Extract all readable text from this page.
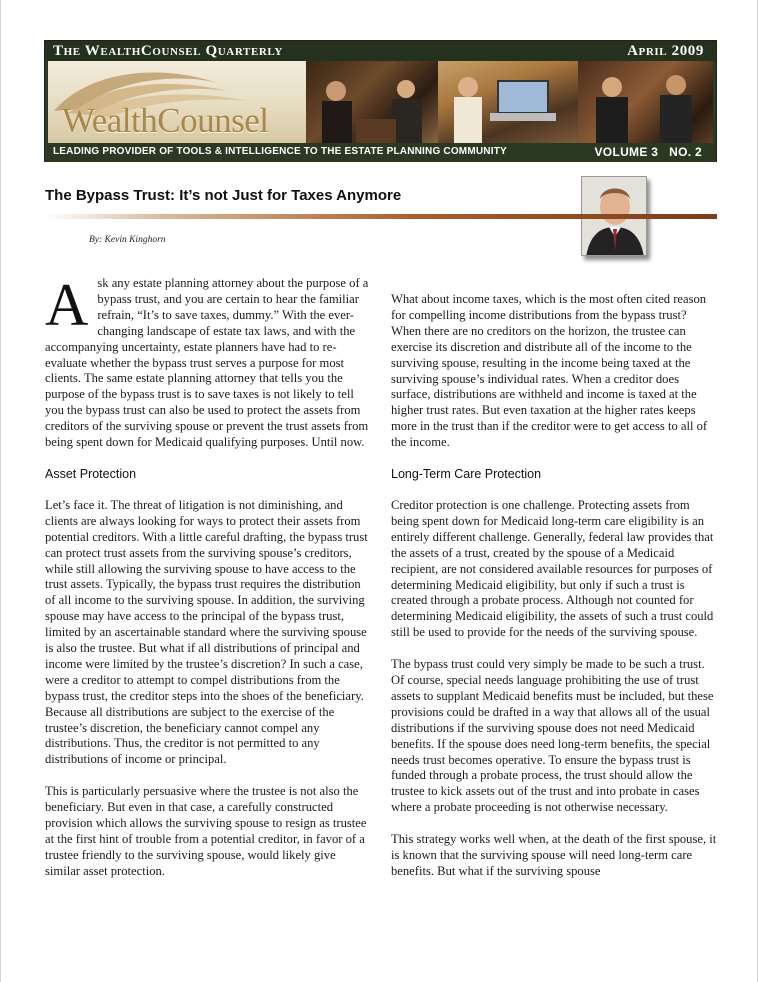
The WealthCounsel Quarterly	April 2009
WealthCounsel
LEADING PROVIDER OF TOOLS & INTELLIGENCE TO THE ESTATE PLANNING COMMUNITY	VOLUME 3   NO. 2
The Bypass Trust: It’s not Just for Taxes Anymore
By: Kevin Kinghorn

Ask any estate planning attorney about the purpose of a bypass trust, and you are certain to hear the familiar refrain, “It’s to save taxes, dummy.” With the ever-changing landscape of estate tax laws, and with the accompanying uncertainty, estate planners have had to re-evaluate whether the bypass trust serves a purpose for most clients. The same estate planning attorney that tells you the purpose of the bypass trust is to save taxes is not likely to tell you the bypass trust can also be used to protect the assets from creditors of the surviving spouse or prevent the trust assets from being spent down for Medicaid qualifying purposes. Until now.

Asset Protection

Let’s face it. The threat of litigation is not diminishing, and clients are always looking for ways to protect their assets from potential creditors. With a little careful drafting, the bypass trust can protect trust assets from the surviving spouse’s creditors, while still allowing the surviving spouse to have access to the trust assets. Typically, the bypass trust requires the distribution of all income to the surviving spouse. In addition, the surviving spouse may have access to the principal of the bypass trust, limited by an ascertainable standard where the surviving spouse is also the trustee. But what if all distributions of principal and income were limited by the trustee’s discretion? In such a case, were a creditor to attempt to compel distributions from the bypass trust, the creditor steps into the shoes of the beneficiary. Because all distributions are subject to the exercise of the trustee’s discretion, the beneficiary cannot compel any distributions. Thus, the creditor is not permitted to any distributions of income or principal.

This is particularly persuasive where the trustee is not also the beneficiary. But even in that case, a carefully constructed provision which allows the surviving spouse to resign as trustee at the first hint of trouble from a potential creditor, in favor of a trustee friendly to the surviving spouse, would likely give similar asset protection.

What about income taxes, which is the most often cited reason for compelling income distributions from the bypass trust? When there are no creditors on the horizon, the trustee can exercise its discretion and distribute all of the income to the surviving spouse, resulting in the income being taxed at the surviving spouse’s individual rates. When a creditor does surface, distributions are withheld and income is taxed at the higher trust rates. But even taxation at the higher rates keeps more in the trust than if the creditor were to get access to all of the income.

Long-Term Care Protection

Creditor protection is one challenge. Protecting assets from being spent down for Medicaid long-term care eligibility is an entirely different challenge. Generally, federal law provides that the assets of a trust, created by the spouse of a Medicaid recipient, are not considered available resources for purposes of determining Medicaid eligibility, but only if such a trust is created through a probate process. Although not counted for determining Medicaid eligibility, the assets of such a trust could still be used to provide for the needs of the surviving spouse.

The bypass trust could very simply be made to be such a trust. Of course, special needs language prohibiting the use of trust assets to supplant Medicaid benefits must be included, but these provisions could be drafted in a way that allows all of the usual distributions if the surviving spouse does not need Medicaid benefits. If the spouse does need long-term benefits, the special needs trust becomes operative. To ensure the bypass trust is funded through a probate process, the trust should allow the trustee to kick assets out of the trust and into probate in cases where a probate proceeding is not otherwise necessary.

This strategy works well when, at the death of the first spouse, it is known that the surviving spouse will need long-term care benefits. But what if the surviving spouse
